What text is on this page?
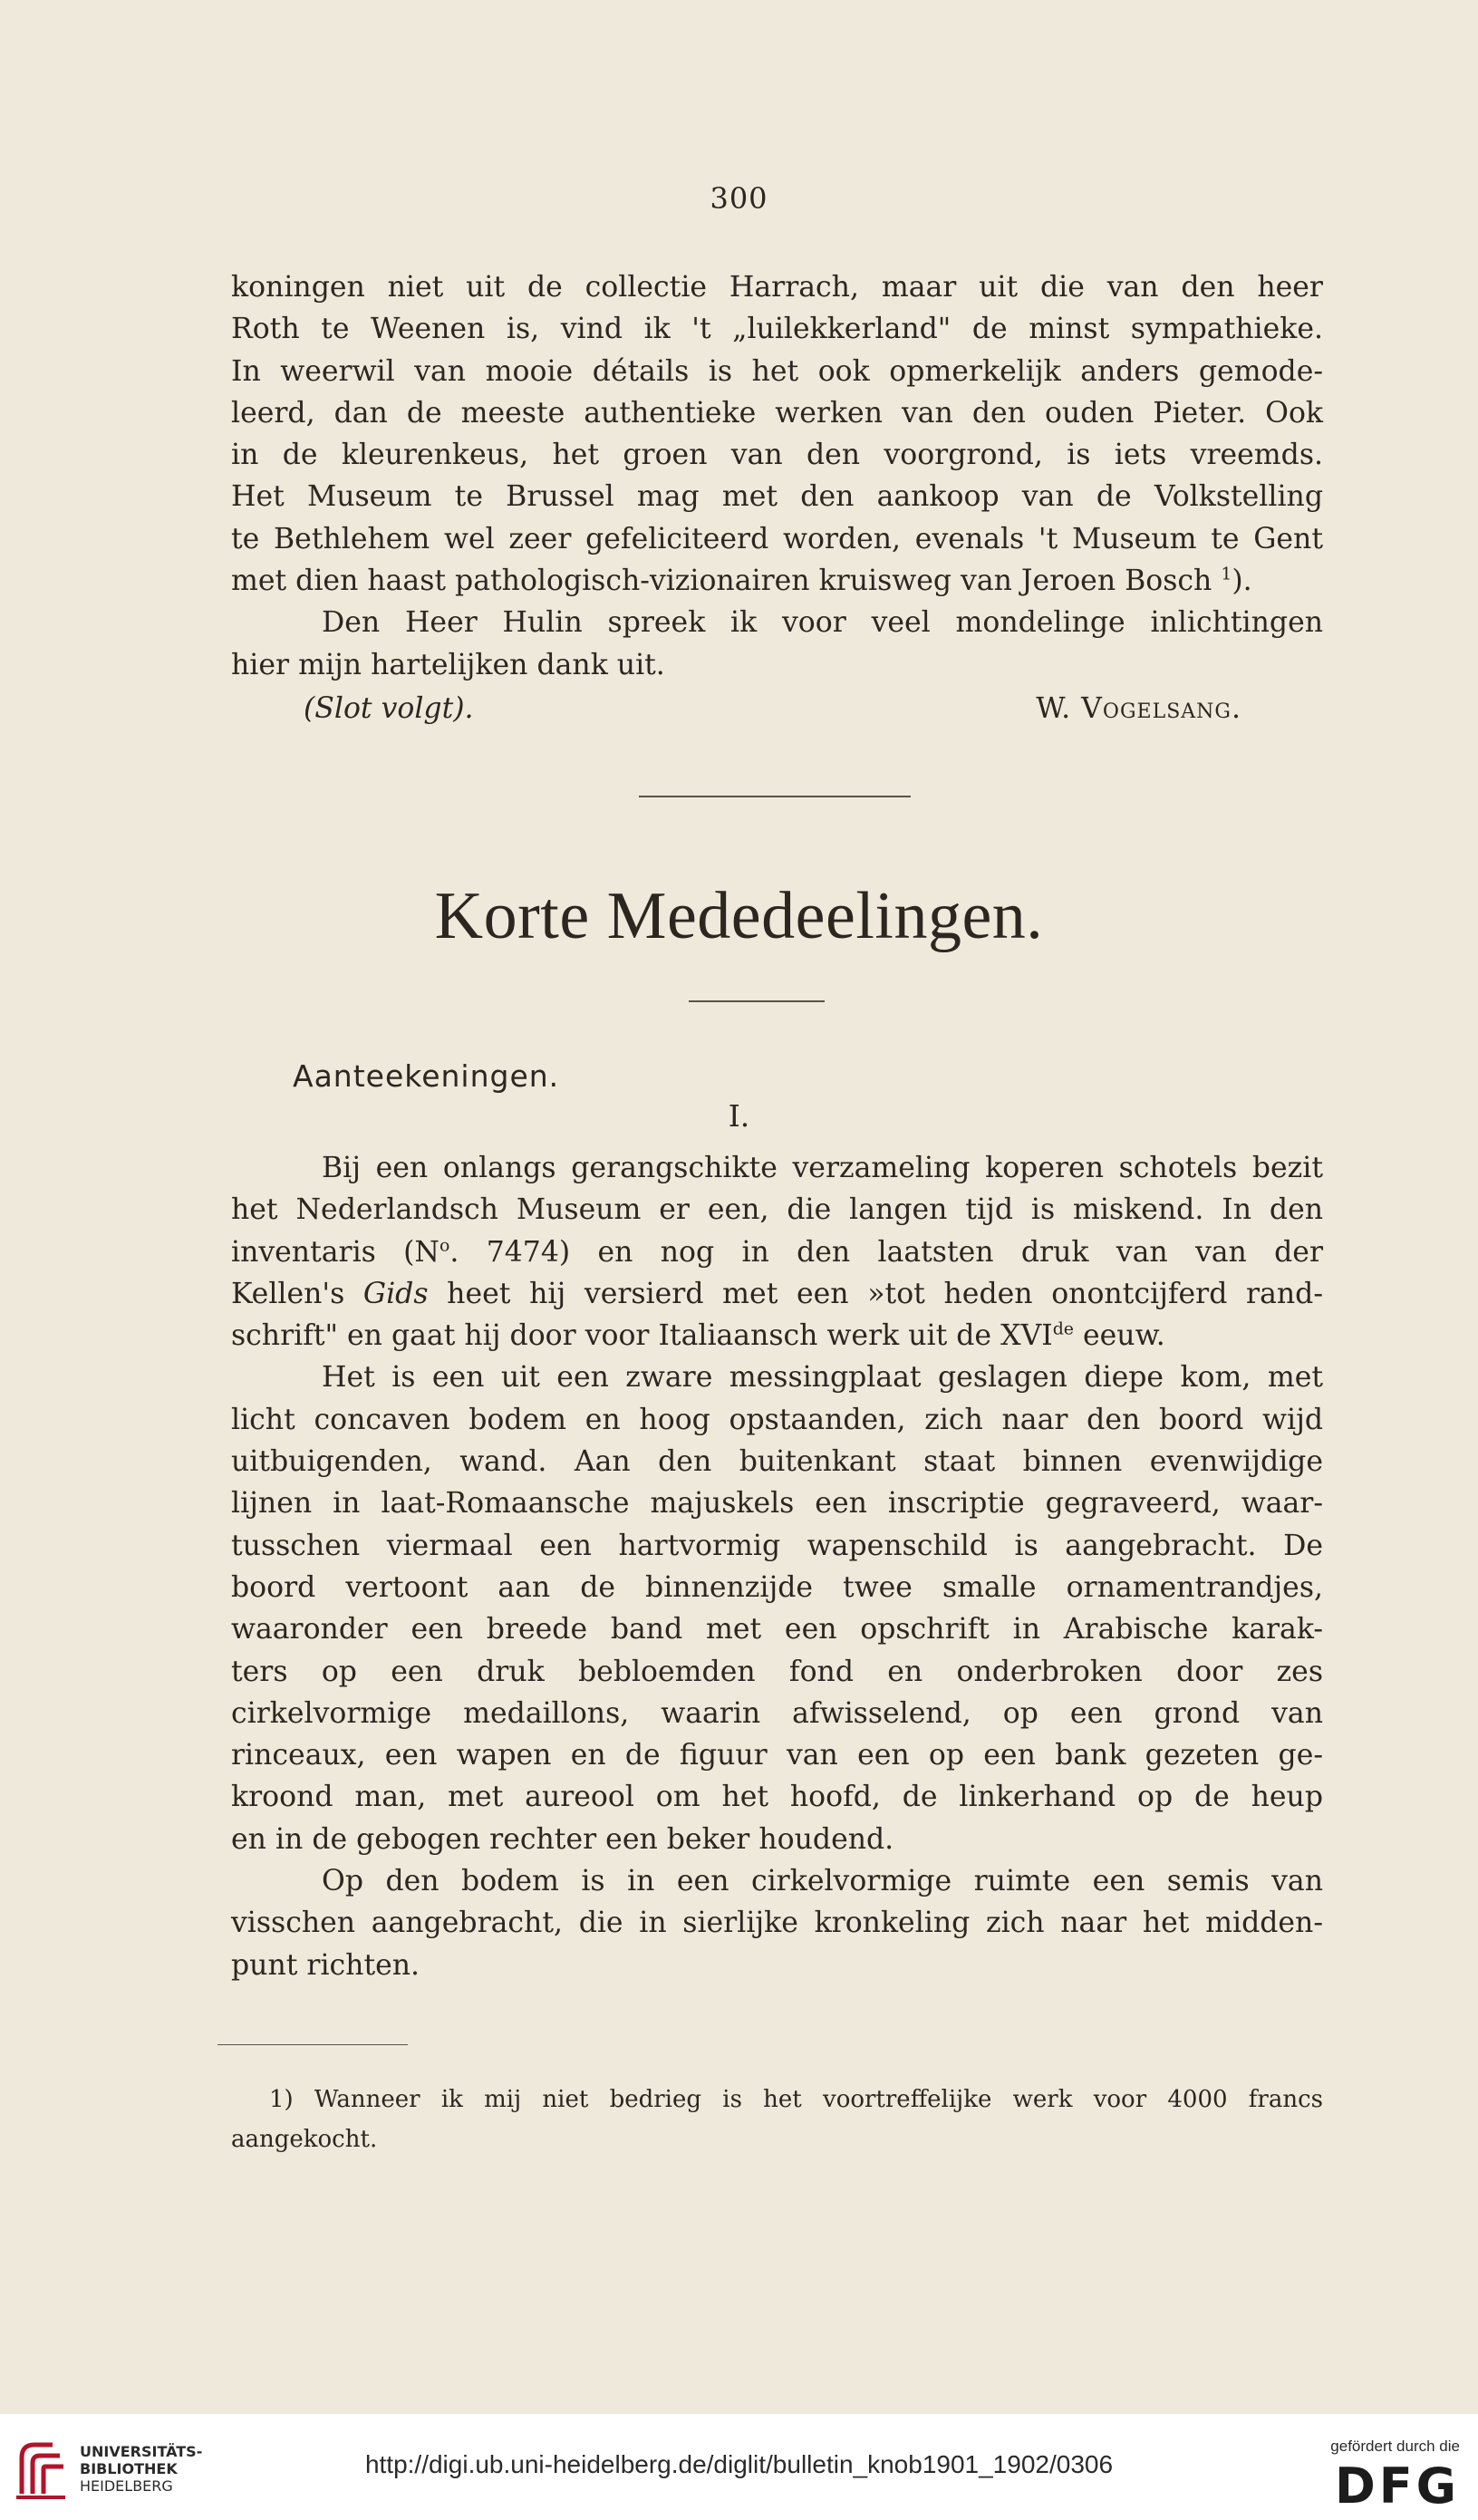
300

koningen niet uit de collectie Harrach, maar uit die van den heer

Roth te Weenen is, vind ik 't „luilekkerland" de minst sympathieke.

In weerwil van mooie détails is het ook opmerkelijk anders gemode-

leerd, dan de meeste authentieke werken van den ouden Pieter. Ook

in de kleurenkeus, het groen van den voorgrond, is iets vreemds.

Het Museum te Brussel mag met den aankoop van de Volkstelling

te Bethlehem wel zeer gefeliciteerd worden, evenals 't Museum te Gent

met dien haast pathologisch-vizionairen kruisweg van Jeroen Bosch $^1$).

Den Heer Hulin spreek ik voor veel mondelinge inlichtingen

hier mijn hartelijken dank uit.

(Slot volgt).	W. Vogelsang.
Korte Mededeelingen.
Aanteekeningen.
I.

Bij een onlangs gerangschikte verzameling koperen schotels bezit

het Nederlandsch Museum er een, die langen tijd is miskend. In den

inventaris ($N^o$. 7474) en nog in den laatsten druk van van der

Kellen's Gids heet hij versierd met een »tot heden onontcijferd rand-

schrift" en gaat hij door voor Italiaansch werk uit de XVIde eeuw.

Het is een uit een zware messingplaat geslagen diepe kom, met

licht concaven bodem en hoog opstaanden, zich naar den boord wijd

uitbuigenden, wand. Aan den buitenkant staat binnen evenwijdige

lijnen in laat-Romaansche majuskels een inscriptie gegraveerd, waar-

tusschen viermaal een hartvormig wapenschild is aangebracht. De

boord vertoont aan de binnenzijde twee smalle ornamentrandjes,

waaronder een breede band met een opschrift in Arabische karak-

ters op een druk bebloemden fond en onderbroken door zes

cirkelvormige medaillons, waarin afwisselend, op een grond van

rinceaux, een wapen en de figuur van een op een bank gezeten ge-

kroond man, met aureool om het hoofd, de linkerhand op de heup

en in de gebogen rechter een beker houdend.

Op den bodem is in een cirkelvormige ruimte een semis van

visschen aangebracht, die in sierlijke kronkeling zich naar het midden-

punt richten.

1) Wanneer ik mij niet bedrieg is het voortreffelijke werk voor 4000 francs

aangekocht.

UNIVERSITÄTS-
BIBLIOTHEK
HEIDELBERG
http://digi.ub.uni-heidelberg.de/diglit/bulletin_knob1901_1902/0306
gefördert durch die
DFG
